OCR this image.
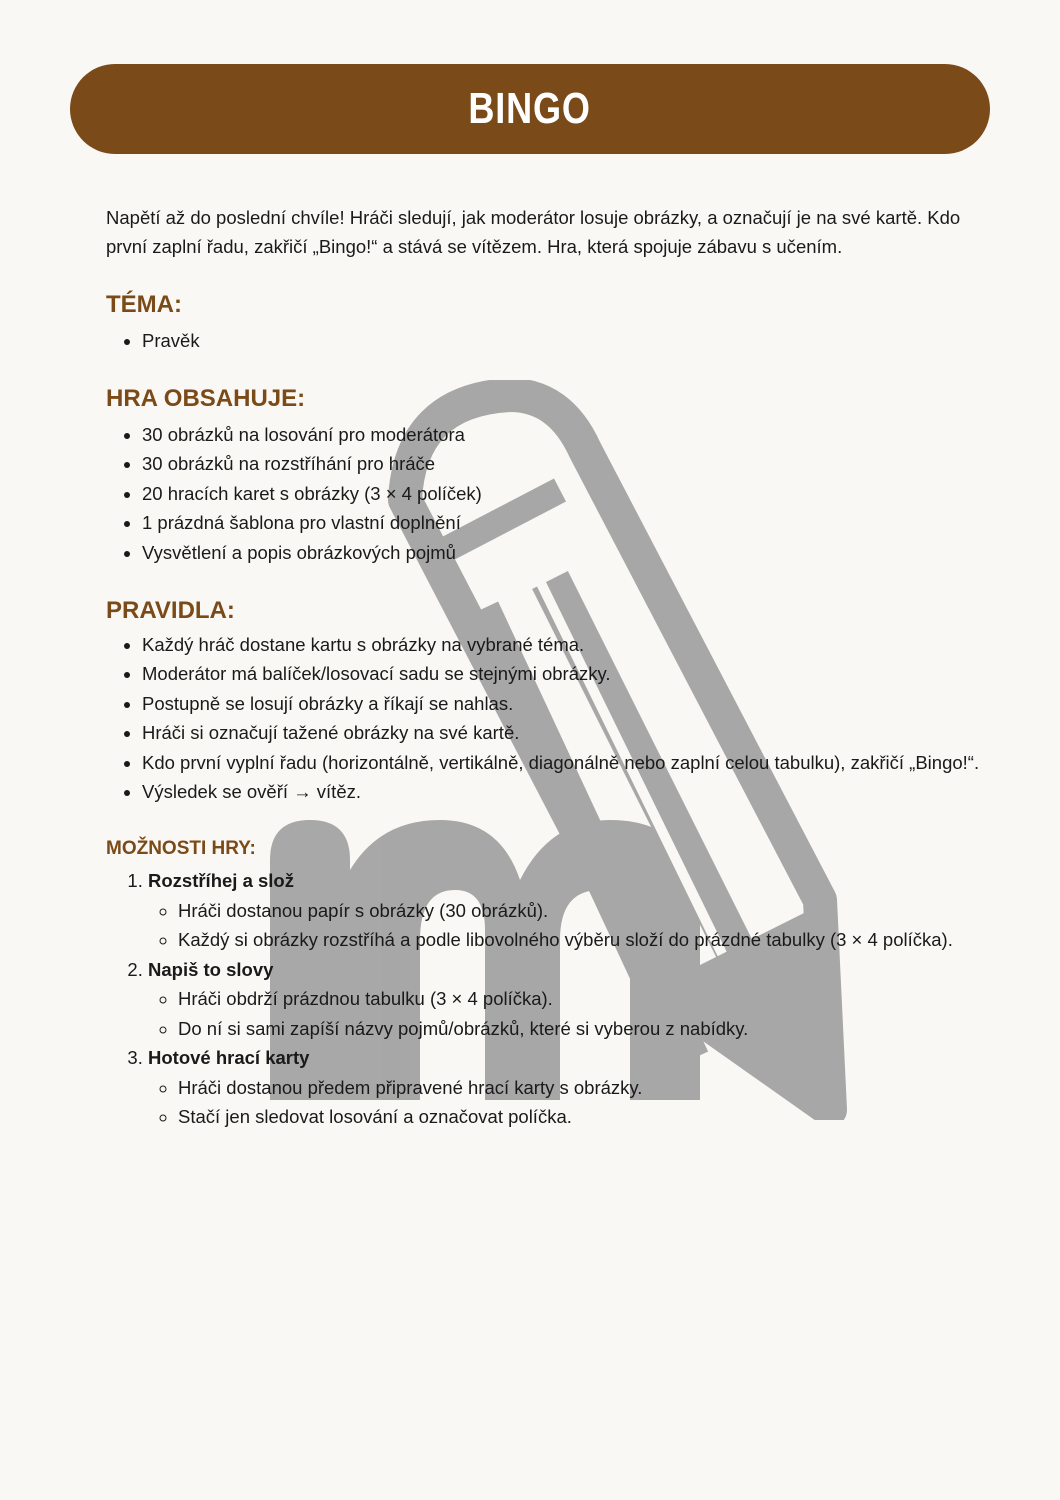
BINGO

Napětí až do poslední chvíle! Hráči sledují, jak moderátor losuje obrázky, a označují je na své kartě. Kdo první zaplní řadu, zakřičí „Bingo!“ a stává se vítězem. Hra, která spojuje zábavu s učením.

TÉMA:
• Pravěk
HRA OBSAHUJE:
• 30 obrázků na losování pro moderátora
• 30 obrázků na rozstříhání pro hráče
• 20 hracích karet s obrázky (3 × 4 políček)
• 1 prázdná šablona pro vlastní doplnění
• Vysvětlení a popis obrázkových pojmů
PRAVIDLA:
• Každý hráč dostane kartu s obrázky na vybrané téma.
• Moderátor má balíček/losovací sadu se stejnými obrázky.
• Postupně se losují obrázky a říkají se nahlas.
• Hráči si označují tažené obrázky na své kartě.
• Kdo první vyplní řadu (horizontálně, vertikálně, diagonálně nebo zaplní celou tabulku), zakřičí „Bingo!“.
• Výsledek se ověří → vítěz.
MOŽNOSTI HRY:
1. Rozstříhej a slož
◦ Hráči dostanou papír s obrázky (30 obrázků).
◦ Každý si obrázky rozstříhá a podle libovolného výběru složí do prázdné tabulky (3 × 4 políčka).
2. Napiš to slovy
◦ Hráči obdrží prázdnou tabulku (3 × 4 políčka).
◦ Do ní si sami zapíší názvy pojmů/obrázků, které si vyberou z nabídky.
3. Hotové hrací karty
◦ Hráči dostanou předem připravené hrací karty s obrázky.
◦ Stačí jen sledovat losování a označovat políčka.
